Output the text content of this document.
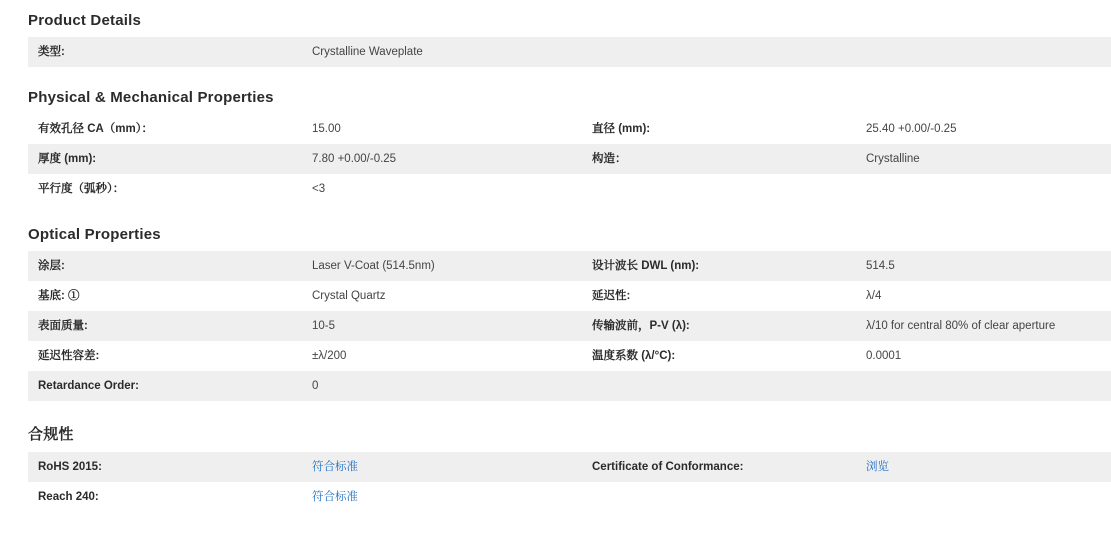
Product Details
类型:	Crystalline Waveplate		
Physical & Mechanical Properties
有效孔径 CA（mm）：	15.00	直径 (mm):	25.40 +0.00/-0.25
厚度 (mm):	7.80 +0.00/-0.25	构造：	Crystalline
平行度（弧秒）：	<3		
Optical Properties
涂层:	Laser V-Coat (514.5nm)	设计波长 DWL (nm):	514.5
基底: ①	Crystal Quartz	延迟性:	λ/4
表面质量:	10-5	传输波前，P-V (λ):	λ/10 for central 80% of clear aperture
延迟性容差:	±λ/200	温度系数 (λ/°C):	0.0001
Retardance Order:	0		
合规性
RoHS 2015:	符合标准	Certificate of Conformance:	浏览
Reach 240:	符合标准		
